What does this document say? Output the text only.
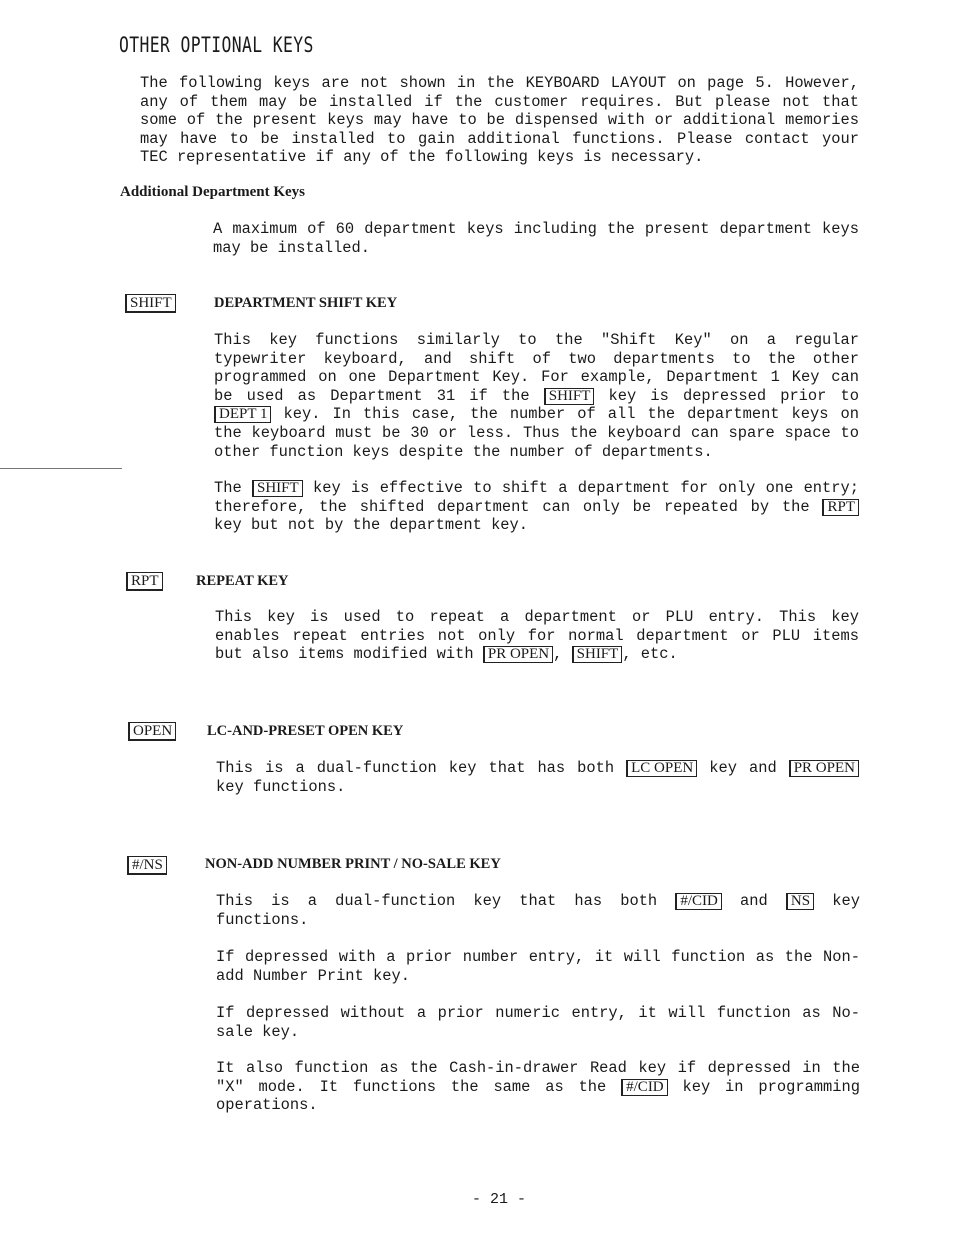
OTHER OPTIONAL KEYS
The following keys are not shown in the KEYBOARD LAYOUT on page 5. However, any of them may be installed if the customer requires. But please not that some of the present keys may have to be dispensed with or additional memories may have to be installed to gain additional functions. Please contact your TEC representative if any of the following keys is necessary.
Additional Department Keys
A maximum of 60 department keys including the present department keys may be installed.
SHIFT	DEPARTMENT SHIFT KEY
This key functions similarly to the "Shift Key" on a regular typewriter keyboard, and shift of two departments to the other programmed on one Department Key. For example, Department 1 Key can be used as Department 31 if the SHIFT key is depressed prior to DEPT 1 key. In this case, the number of all the department keys on the keyboard must be 30 or less. Thus the keyboard can spare space to other function keys despite the number of departments.
The SHIFT key is effective to shift a department for only one entry; therefore, the shifted department can only be repeated by the RPT key but not by the department key.
RPT	REPEAT KEY
This key is used to repeat a department or PLU entry. This key enables repeat entries not only for normal department or PLU items but also items modified with PR OPEN , SHIFT , etc.
OPEN LC-AND-PRESET OPEN KEY
This is a dual-function key that has both LC OPEN key and PR OPEN key functions.
#/NS	NON-ADD NUMBER PRINT / NO-SALE KEY
This is a dual-function key that has both #/CID and NS key functions.
If depressed with a prior number entry, it will function as the Non-add Number Print key.
If depressed without a prior numeric entry, it will function as No-sale key.
It also function as the Cash-in-drawer Read key if depressed in the "X" mode. It functions the same as the #/CID key in programming operations.
- 21 -
